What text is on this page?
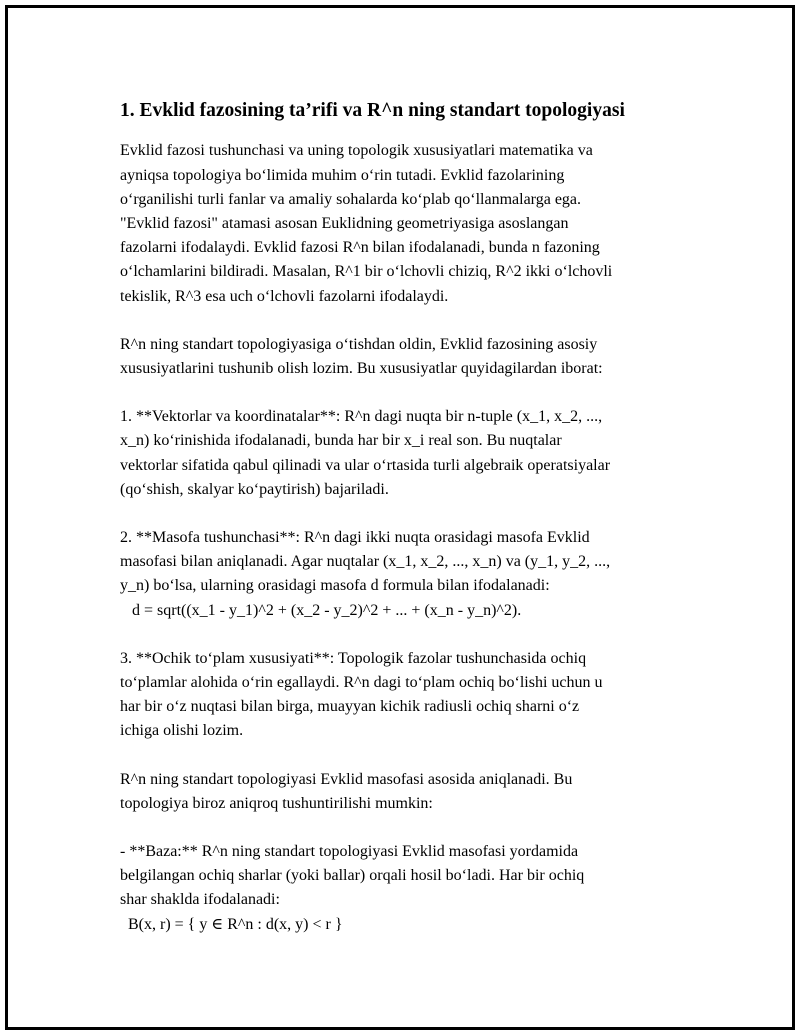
1. Evklid fazosining ta’rifi va R^n ning standart topologiyasi

Evklid fazosi tushunchasi va uning topologik xususiyatlari matematika va
ayniqsa topologiya bo‘limida muhim o‘rin tutadi. Evklid fazolarining
o‘rganilishi turli fanlar va amaliy sohalarda ko‘plab qo‘llanmalarga ega.
"Evklid fazosi" atamasi asosan Euklidning geometriyasiga asoslangan
fazolarni ifodalaydi. Evklid fazosi R^n bilan ifodalanadi, bunda n fazoning
o‘lchamlarini bildiradi. Masalan, R^1 bir o‘lchovli chiziq, R^2 ikki o‘lchovli
tekislik, R^3 esa uch o‘lchovli fazolarni ifodalaydi.

R^n ning standart topologiyasiga o‘tishdan oldin, Evklid fazosining asosiy
xususiyatlarini tushunib olish lozim. Bu xususiyatlar quyidagilardan iborat:

1. **Vektorlar va koordinatalar**: R^n dagi nuqta bir n-tuple (x_1, x_2, ...,
x_n) ko‘rinishida ifodalanadi, bunda har bir x_i real son. Bu nuqtalar
vektorlar sifatida qabul qilinadi va ular o‘rtasida turli algebraik operatsiyalar
(qo‘shish, skalyar ko‘paytirish) bajariladi.

2. **Masofa tushunchasi**: R^n dagi ikki nuqta orasidagi masofa Evklid
masofasi bilan aniqlanadi. Agar nuqtalar (x_1, x_2, ..., x_n) va (y_1, y_2, ...,
y_n) bo‘lsa, ularning orasidagi masofa d formula bilan ifodalanadi:
d = sqrt((x_1 - y_1)^2 + (x_2 - y_2)^2 + ... + (x_n - y_n)^2).

3. **Ochik to‘plam xususiyati**: Topologik fazolar tushunchasida ochiq
to‘plamlar alohida o‘rin egallaydi. R^n dagi to‘plam ochiq bo‘lishi uchun u
har bir o‘z nuqtasi bilan birga, muayyan kichik radiusli ochiq sharni o‘z
ichiga olishi lozim.

R^n ning standart topologiyasi Evklid masofasi asosida aniqlanadi. Bu
topologiya biroz aniqroq tushuntirilishi mumkin:

- **Baza:** R^n ning standart topologiyasi Evklid masofasi yordamida
belgilangan ochiq sharlar (yoki ballar) orqali hosil bo‘ladi. Har bir ochiq
shar shaklda ifodalanadi:
B(x, r) = { y ∈ R^n : d(x, y) < r }
